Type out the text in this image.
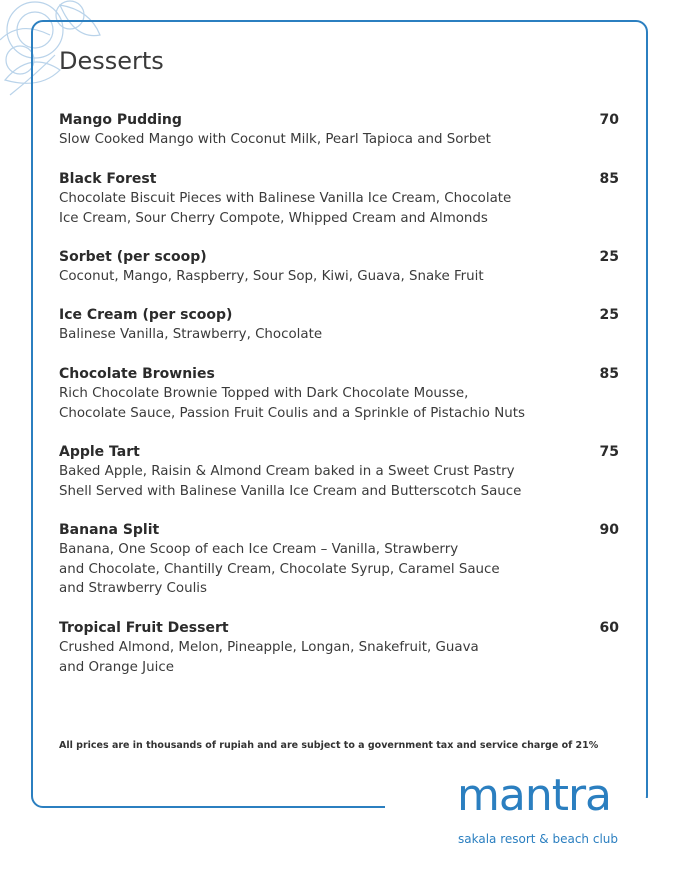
Desserts
Mango Pudding
Slow Cooked Mango with Coconut Milk, Pearl Tapioca and Sorbet
70
Black Forest
Chocolate Biscuit Pieces with Balinese Vanilla Ice Cream, Chocolate
Ice Cream, Sour Cherry Compote, Whipped Cream and Almonds
85
Sorbet (per scoop)
Coconut, Mango, Raspberry, Sour Sop, Kiwi, Guava, Snake Fruit
25
Ice Cream (per scoop)
Balinese Vanilla, Strawberry, Chocolate
25
Chocolate Brownies
Rich Chocolate Brownie Topped with Dark Chocolate Mousse,
Chocolate Sauce, Passion Fruit Coulis and a Sprinkle of Pistachio Nuts
85
Apple Tart
Baked Apple, Raisin & Almond Cream baked in a Sweet Crust Pastry
Shell Served with Balinese Vanilla Ice Cream and Butterscotch Sauce
75
Banana Split
Banana, One Scoop of each Ice Cream – Vanilla, Strawberry
and Chocolate, Chantilly Cream, Chocolate Syrup, Caramel Sauce
and Strawberry Coulis
90
Tropical Fruit Dessert
Crushed Almond, Melon, Pineapple, Longan, Snakefruit, Guava
and Orange Juice
60
All prices are in thousands of rupiah and are subject to a government tax and service charge of 21%
mantra
sakala resort & beach club
